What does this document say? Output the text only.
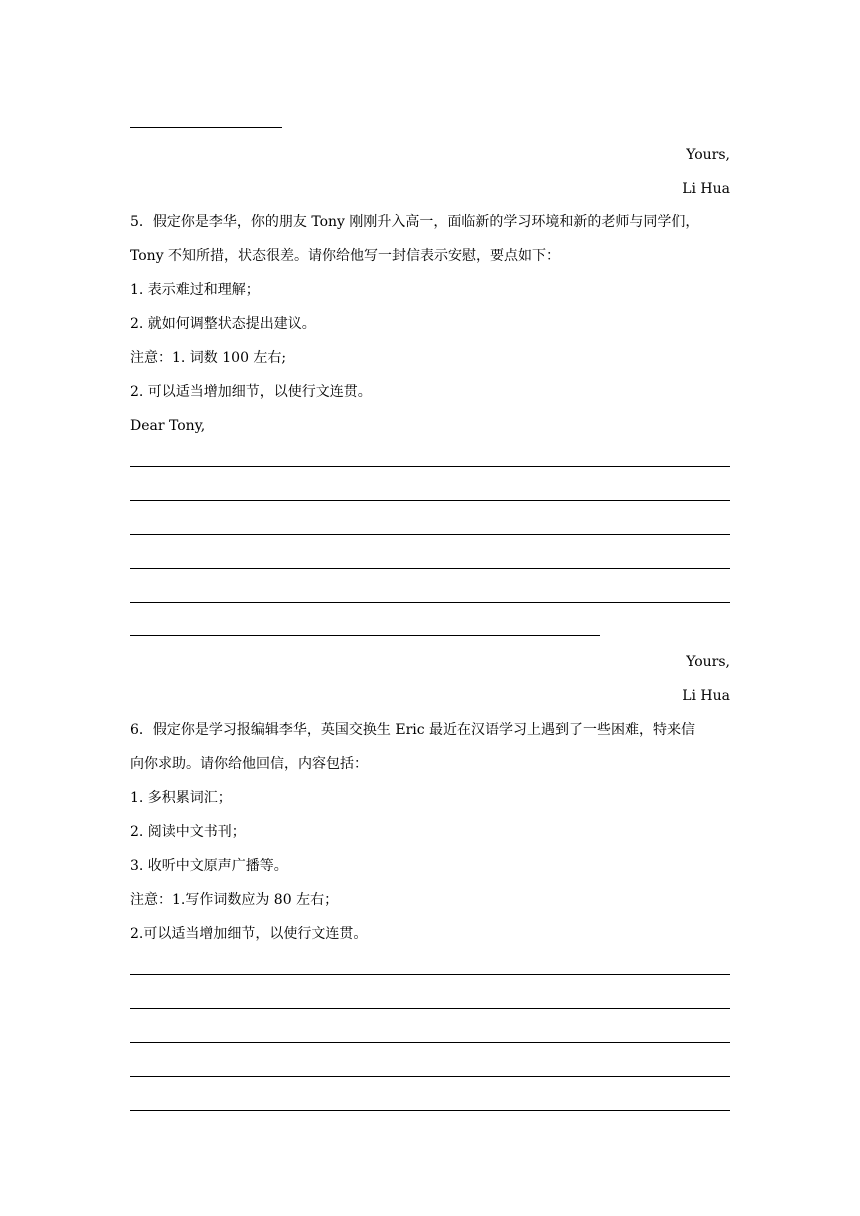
Yours,
Li Hua
5．假定你是李华，你的朋友 Tony 刚刚升入高一，面临新的学习环境和新的老师与同学们，
Tony 不知所措，状态很差。请你给他写一封信表示安慰，要点如下：
1. 表示难过和理解；
2. 就如何调整状态提出建议。
注意：1. 词数 100 左右;
2. 可以适当增加细节，以使行文连贯。
Dear Tony,
Yours,
Li Hua
6．假定你是学习报编辑李华，英国交换生 Eric 最近在汉语学习上遇到了一些困难，特来信
向你求助。请你给他回信，内容包括：
1. 多积累词汇；
2. 阅读中文书刊；
3. 收听中文原声广播等。
注意：1.写作词数应为 80 左右；
2.可以适当增加细节，以使行文连贯。
